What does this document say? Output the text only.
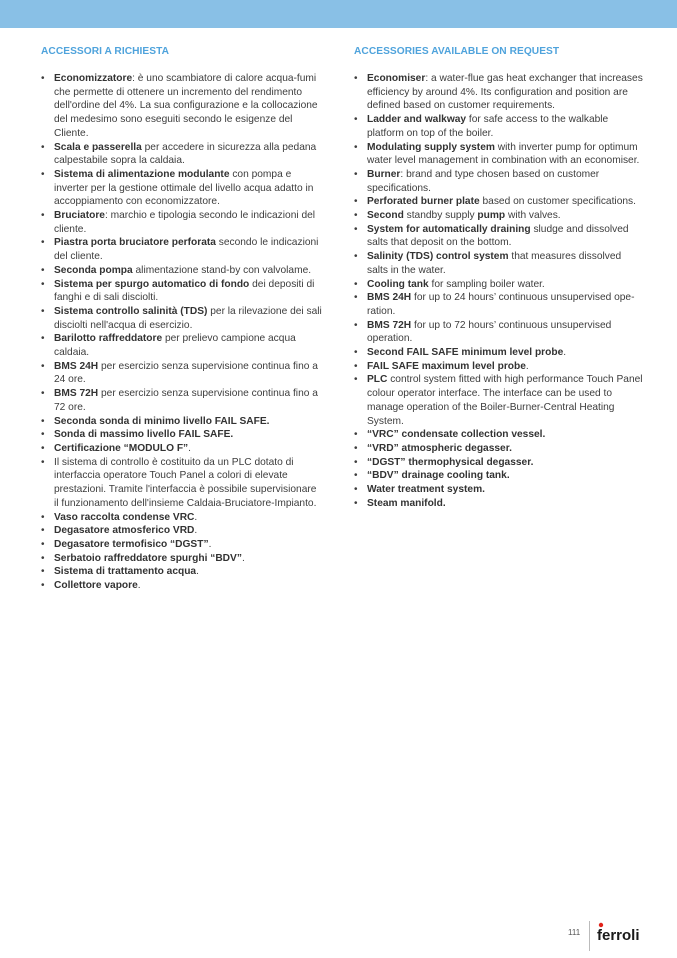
ACCESSORI A RICHIESTA
• Economizzatore: è uno scambiatore di calore acqua-fumi che permette di ottenere un incremento del rendimento dell'ordine del 4%. La sua configurazione e la collocazione del medesimo sono eseguiti secondo le esigenze del Cliente.
• Scala e passerella per accedere in sicurezza alla pedana calpestabile sopra la caldaia.
• Sistema di alimentazione modulante con pompa e inverter per la gestione ottimale del livello acqua adatto in accoppiamento con economizzatore.
• Bruciatore: marchio e tipologia secondo le indicazioni del cliente.
• Piastra porta bruciatore perforata secondo le indicazioni del cliente.
• Seconda pompa alimentazione stand-by con valvolame.
• Sistema per spurgo automatico di fondo dei depositi di fanghi e di sali disciolti.
• Sistema controllo salinità (TDS) per la rilevazione dei sali disciolti nell'acqua di esercizio.
• Barilotto raffreddatore per prelievo campione acqua caldaia.
• BMS 24H per esercizio senza supervisione continua fino a 24 ore.
• BMS 72H per esercizio senza supervisione continua fino a 72 ore.
• Seconda sonda di minimo livello FAIL SAFE.
• Sonda di massimo livello FAIL SAFE.
• Certificazione “MODULO F”.
• Il sistema di controllo è costituito da un PLC dotato di interfaccia operatore Touch Panel a colori di elevate prestazioni. Tramite l'interfaccia è possibile supervisionare il funzionamento dell'insieme Caldaia-Bruciatore-Impianto.
• Vaso raccolta condense VRC.
• Degasatore atmosferico VRD.
• Degasatore termofisico “DGST”.
• Serbatoio raffreddatore spurghi “BDV”.
• Sistema di trattamento acqua.
• Collettore vapore.
ACCESSORIES AVAILABLE ON REQUEST
• Economiser: a water-flue gas heat exchanger that increases efficiency by around 4%. Its configuration and position are defined based on customer requirements.
• Ladder and walkway for safe access to the walkable platform on top of the boiler.
• Modulating supply system with inverter pump for optimum water level management in combination with an economiser.
• Burner: brand and type chosen based on customer specifications.
• Perforated burner plate based on customer specifications.
• Second standby supply pump with valves.
• System for automatically draining sludge and dissolved salts that deposit on the bottom.
• Salinity (TDS) control system that measures dissolved salts in the water.
• Cooling tank for sampling boiler water.
• BMS 24H for up to 24 hours’ continuous unsupervised ope-ration.
• BMS 72H for up to 72 hours’ continuous unsupervised operation.
• Second FAIL SAFE minimum level probe.
• FAIL SAFE maximum level probe.
• PLC control system fitted with high performance Touch Panel colour operator interface. The interface can be used to manage operation of the Boiler-Burner-Central Heating System.
• “VRC” condensate collection vessel.
• “VRD” atmospheric degasser.
• “DGST” thermophysical degasser.
• “BDV” drainage cooling tank.
• Water treatment system.
• Steam manifold.
111 ferroli
